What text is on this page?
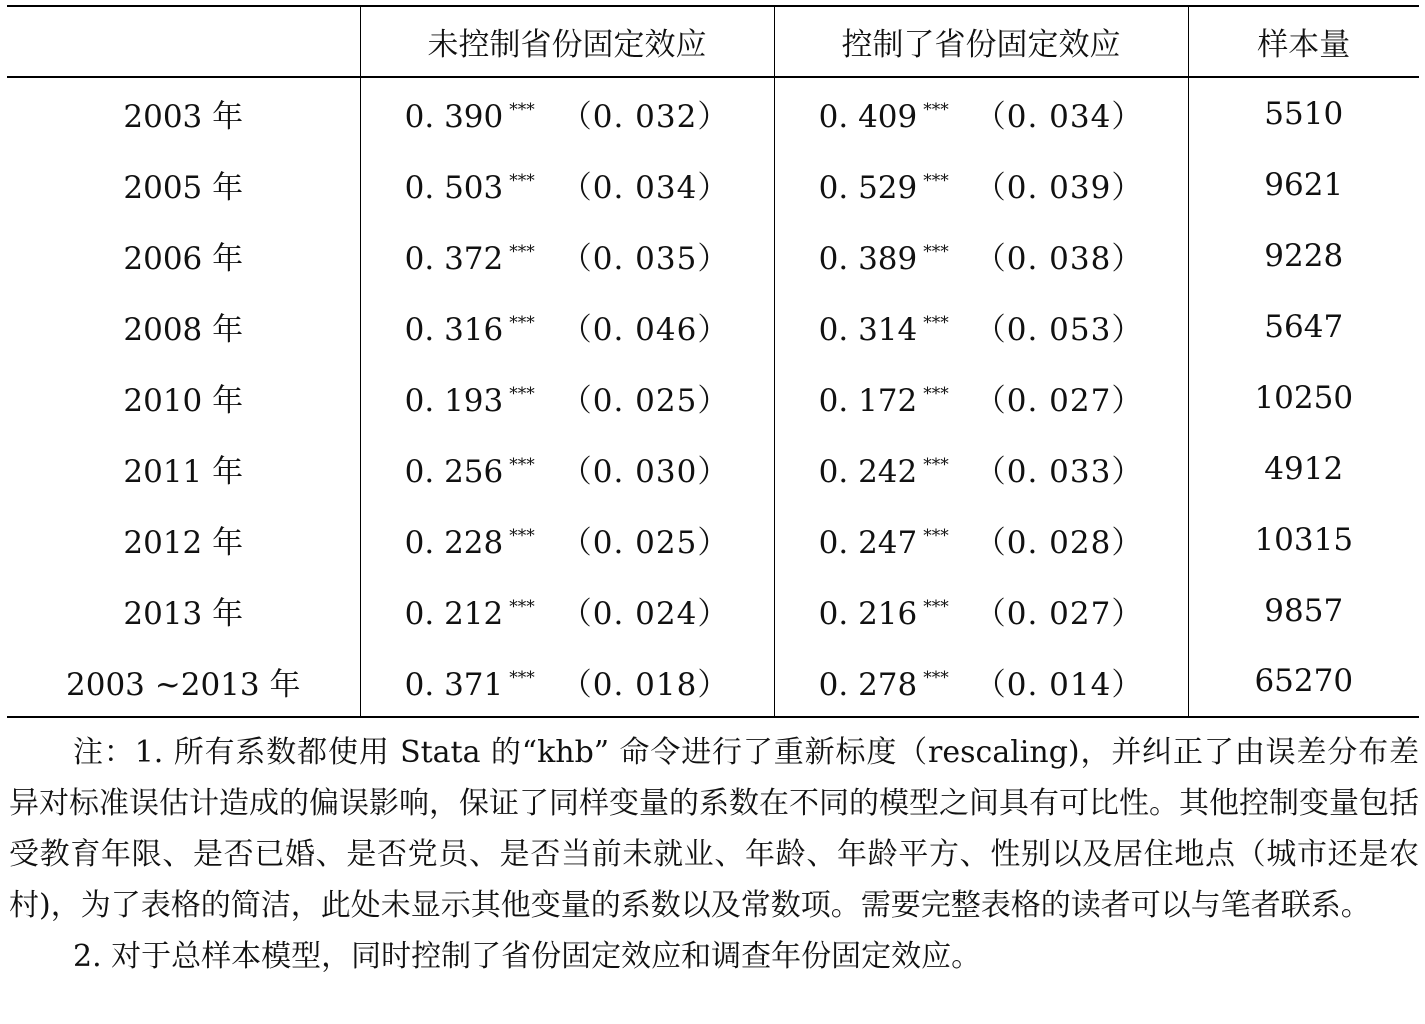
	未控制省份固定效应	控制了省份固定效应	样本量
2003 年	0. 390 *** （0. 032）	0. 409 *** （0. 034）	5510
2005 年	0. 503 *** （0. 034）	0. 529 *** （0. 039）	9621
2006 年	0. 372 *** （0. 035）	0. 389 *** （0. 038）	9228
2008 年	0. 316 *** （0. 046）	0. 314 *** （0. 053）	5647
2010 年	0. 193 *** （0. 025）	0. 172 *** （0. 027）	10250
2011 年	0. 256 *** （0. 030）	0. 242 *** （0. 033）	4912
2012 年	0. 228 *** （0. 025）	0. 247 *** （0. 028）	10315
2013 年	0. 212 *** （0. 024）	0. 216 *** （0. 027）	9857
2003 ~2013 年	0. 371 *** （0. 018）	0. 278 *** （0. 014）	65270

注：1. 所有系数都使用 Stata 的“khb” 命令进行了重新标度（rescaling)，并纠正了由误差分布差异对标准误估计造成的偏误影响，保证了同样变量的系数在不同的模型之间具有可比性。其他控制变量包括受教育年限、是否已婚、是否党员、是否当前未就业、年龄、年龄平方、性别以及居住地点（城市还是农村)，为了表格的简洁，此处未显示其他变量的系数以及常数项。需要完整表格的读者可以与笔者联系。

2. 对于总样本模型，同时控制了省份固定效应和调查年份固定效应。
